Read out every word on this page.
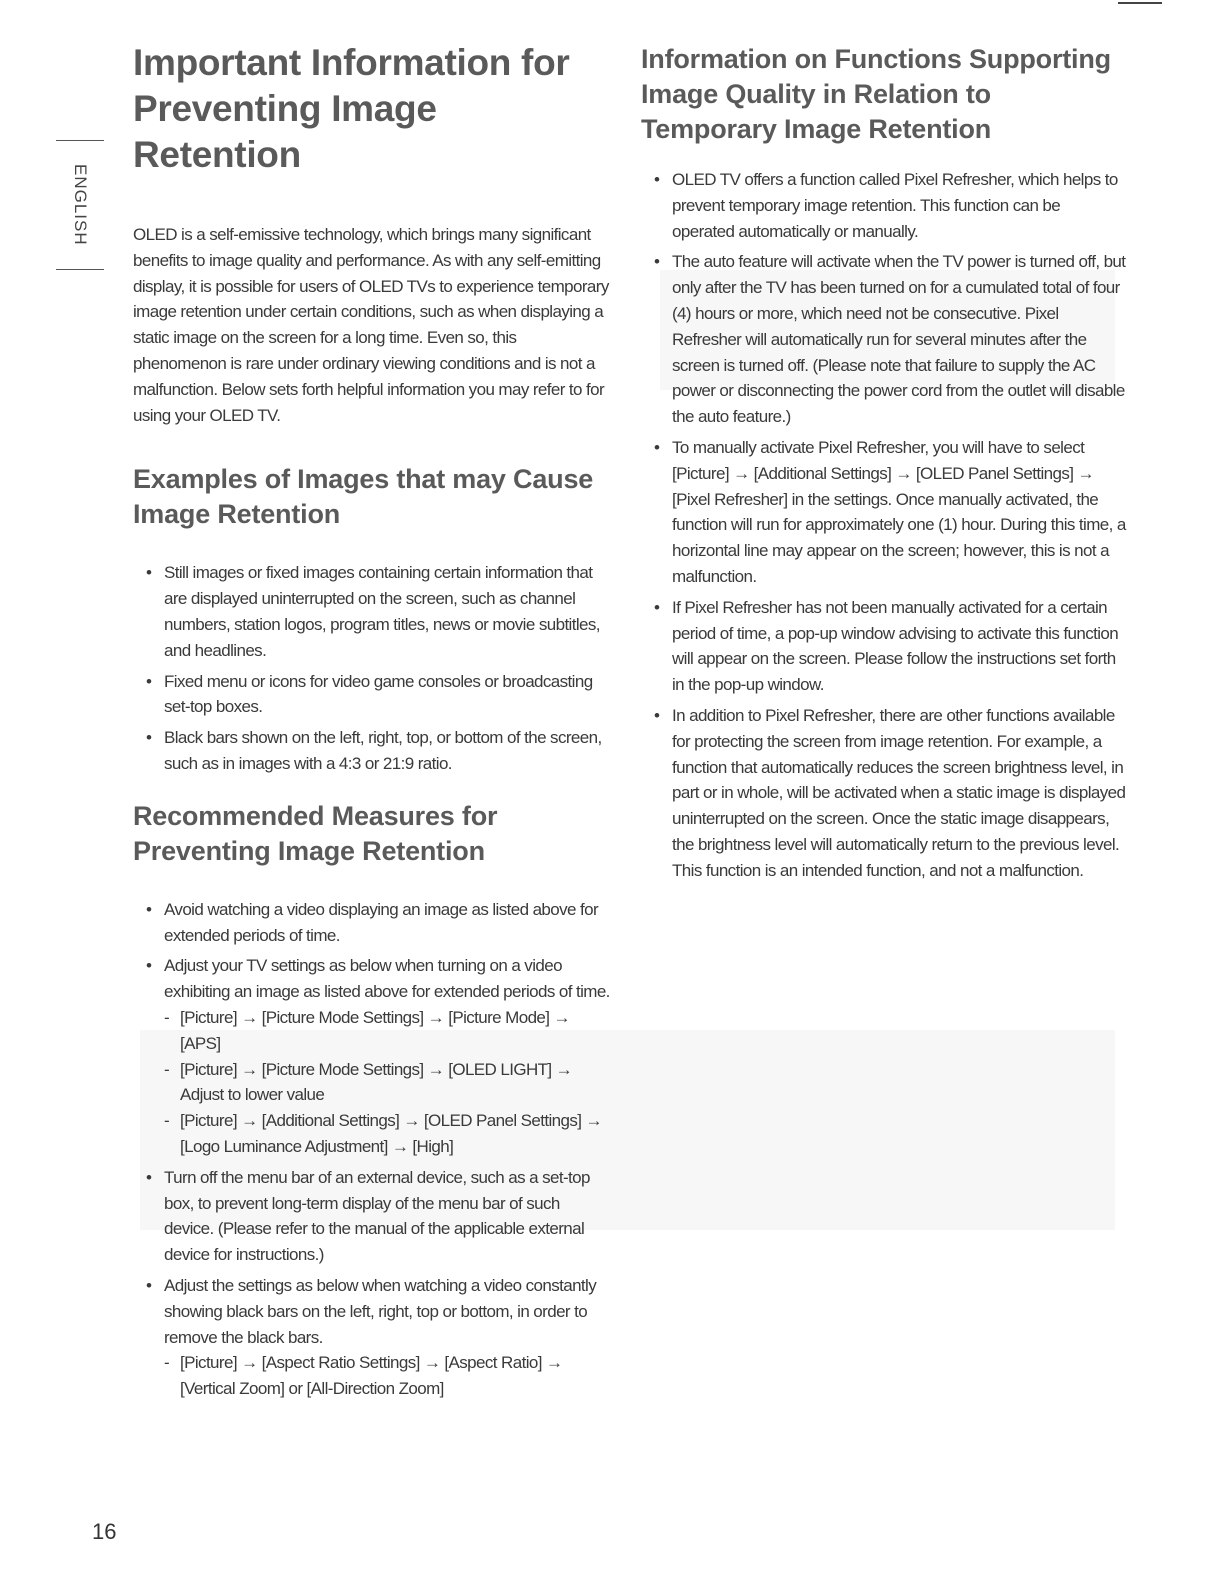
ENGLISH
Important Information for Preventing Image Retention

OLED is a self-emissive technology, which brings many significant benefits to image quality and performance. As with any self-emitting display, it is possible for users of OLED TVs to experience temporary image retention under certain conditions, such as when displaying a static image on the screen for a long time. Even so, this phenomenon is rare under ordinary viewing conditions and is not a malfunction. Below sets forth helpful information you may refer to for using your OLED TV.

Examples of Images that may Cause Image Retention
• Still images or fixed images containing certain information that are displayed uninterrupted on the screen, such as channel numbers, station logos, program titles, news or movie subtitles, and headlines.
• Fixed menu or icons for video game consoles or broadcasting set-top boxes.
• Black bars shown on the left, right, top, or bottom of the screen, such as in images with a 4:3 or 21:9 ratio.
Recommended Measures for Preventing Image Retention
• Avoid watching a video displaying an image as listed above for extended periods of time.
• Adjust your TV settings as below when turning on a video exhibiting an image as listed above for extended periods of time.
- [Picture] → [Picture Mode Settings] → [Picture Mode] → [APS]
- [Picture] → [Picture Mode Settings] → [OLED LIGHT] → Adjust to lower value
- [Picture] → [Additional Settings] → [OLED Panel Settings] → [Logo Luminance Adjustment] → [High]
• Turn off the menu bar of an external device, such as a set-top box, to prevent long-term display of the menu bar of such device. (Please refer to the manual of the applicable external device for instructions.)
• Adjust the settings as below when watching a video constantly showing black bars on the left, right, top or bottom, in order to remove the black bars.
- [Picture] → [Aspect Ratio Settings] → [Aspect Ratio] → [Vertical Zoom] or [All-Direction Zoom]
Information on Functions Supporting Image Quality in Relation to Temporary Image Retention
• OLED TV offers a function called Pixel Refresher, which helps to prevent temporary image retention. This function can be operated automatically or manually.
• The auto feature will activate when the TV power is turned off, but only after the TV has been turned on for a cumulated total of four (4) hours or more, which need not be consecutive. Pixel Refresher will automatically run for several minutes after the screen is turned off. (Please note that failure to supply the AC power or disconnecting the power cord from the outlet will disable the auto feature.)
• To manually activate Pixel Refresher, you will have to select [Picture] → [Additional Settings] → [OLED Panel Settings] → [Pixel Refresher] in the settings. Once manually activated, the function will run for approximately one (1) hour. During this time, a horizontal line may appear on the screen; however, this is not a malfunction.
• If Pixel Refresher has not been manually activated for a certain period of time, a pop-up window advising to activate this function will appear on the screen. Please follow the instructions set forth in the pop-up window.
• In addition to Pixel Refresher, there are other functions available for protecting the screen from image retention. For example, a function that automatically reduces the screen brightness level, in part or in whole, will be activated when a static image is displayed uninterrupted on the screen. Once the static image disappears, the brightness level will automatically return to the previous level. This function is an intended function, and not a malfunction.
16
